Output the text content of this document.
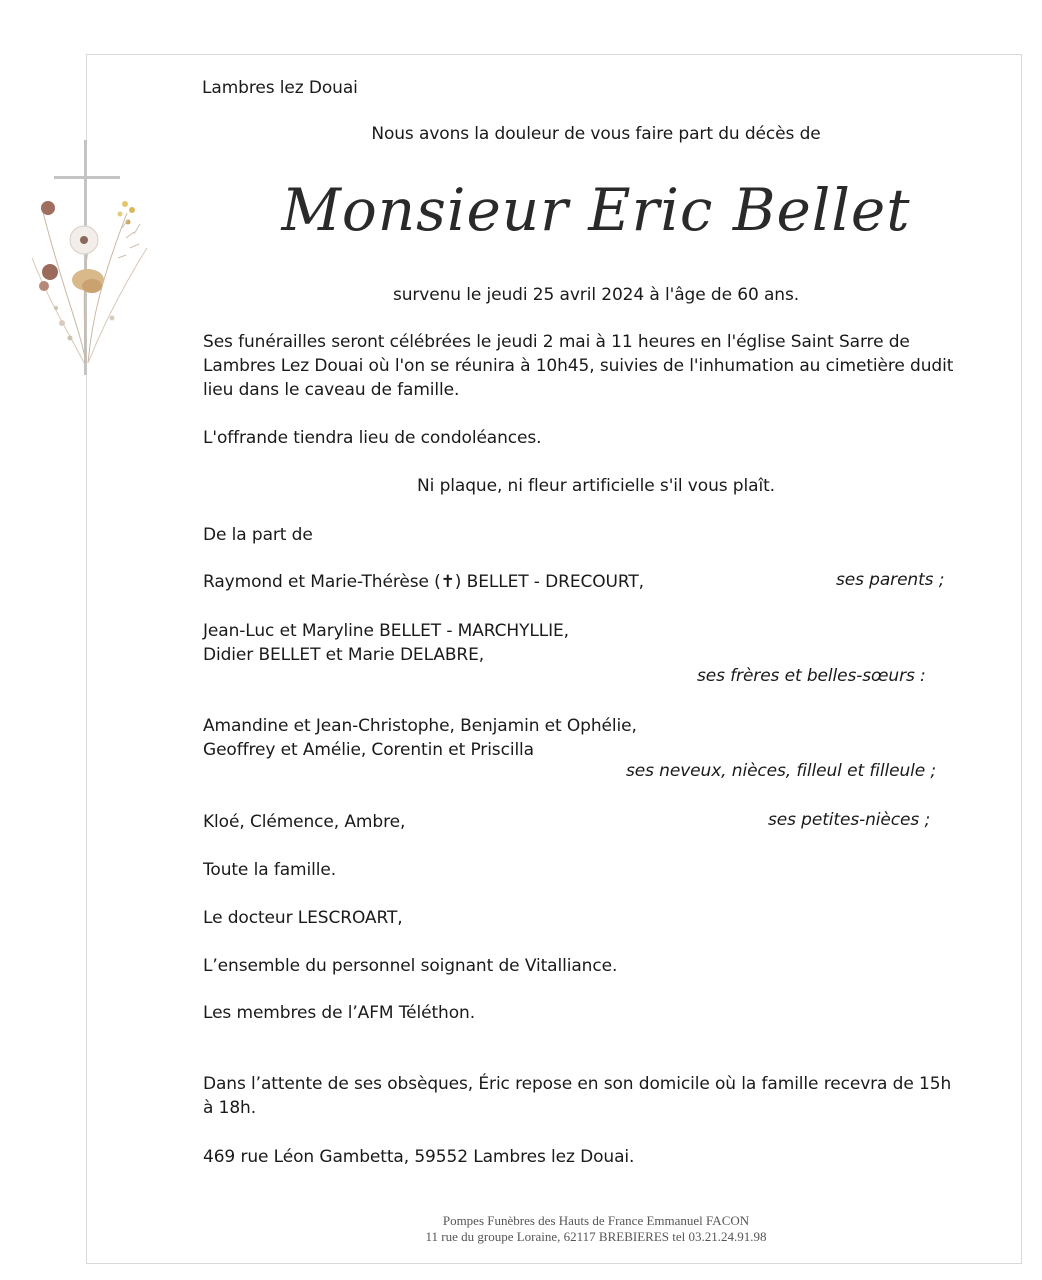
Lambres lez Douai
Nous avons la douleur de vous faire part du décès de
Monsieur Eric Bellet
survenu le jeudi 25 avril 2024 à l'âge de 60 ans.
Ses funérailles seront célébrées le jeudi 2 mai à 11 heures en l'église Saint Sarre de
Lambres Lez Douai où l'on se réunira à 10h45, suivies de l'inhumation au cimetière dudit
lieu dans le caveau de famille.
L'offrande tiendra lieu de condoléances.
Ni plaque, ni fleur artificielle s'il vous plaît.
De la part de
Raymond et Marie-Thérèse (✝) BELLET - DRECOURT,	ses parents ;
Jean-Luc et Maryline BELLET - MARCHYLLIE,
Didier BELLET et Marie DELABRE,
ses frères et belles-sœurs :
Amandine et Jean-Christophe, Benjamin et Ophélie,
Geoffrey et Amélie, Corentin et Priscilla
ses neveux, nièces, filleul et filleule ;
Kloé, Clémence, Ambre,	ses petites-nièces ;
Toute la famille.
Le docteur LESCROART,
L’ensemble du personnel soignant de Vitalliance.
Les membres de l’AFM Téléthon.
Dans l’attente de ses obsèques, Éric repose en son domicile où la famille recevra de 15h
à 18h.
469 rue Léon Gambetta, 59552 Lambres lez Douai.
Pompes Funèbres des Hauts de France Emmanuel FACON
11 rue du groupe Loraine, 62117 BREBIERES tel 03.21.24.91.98
